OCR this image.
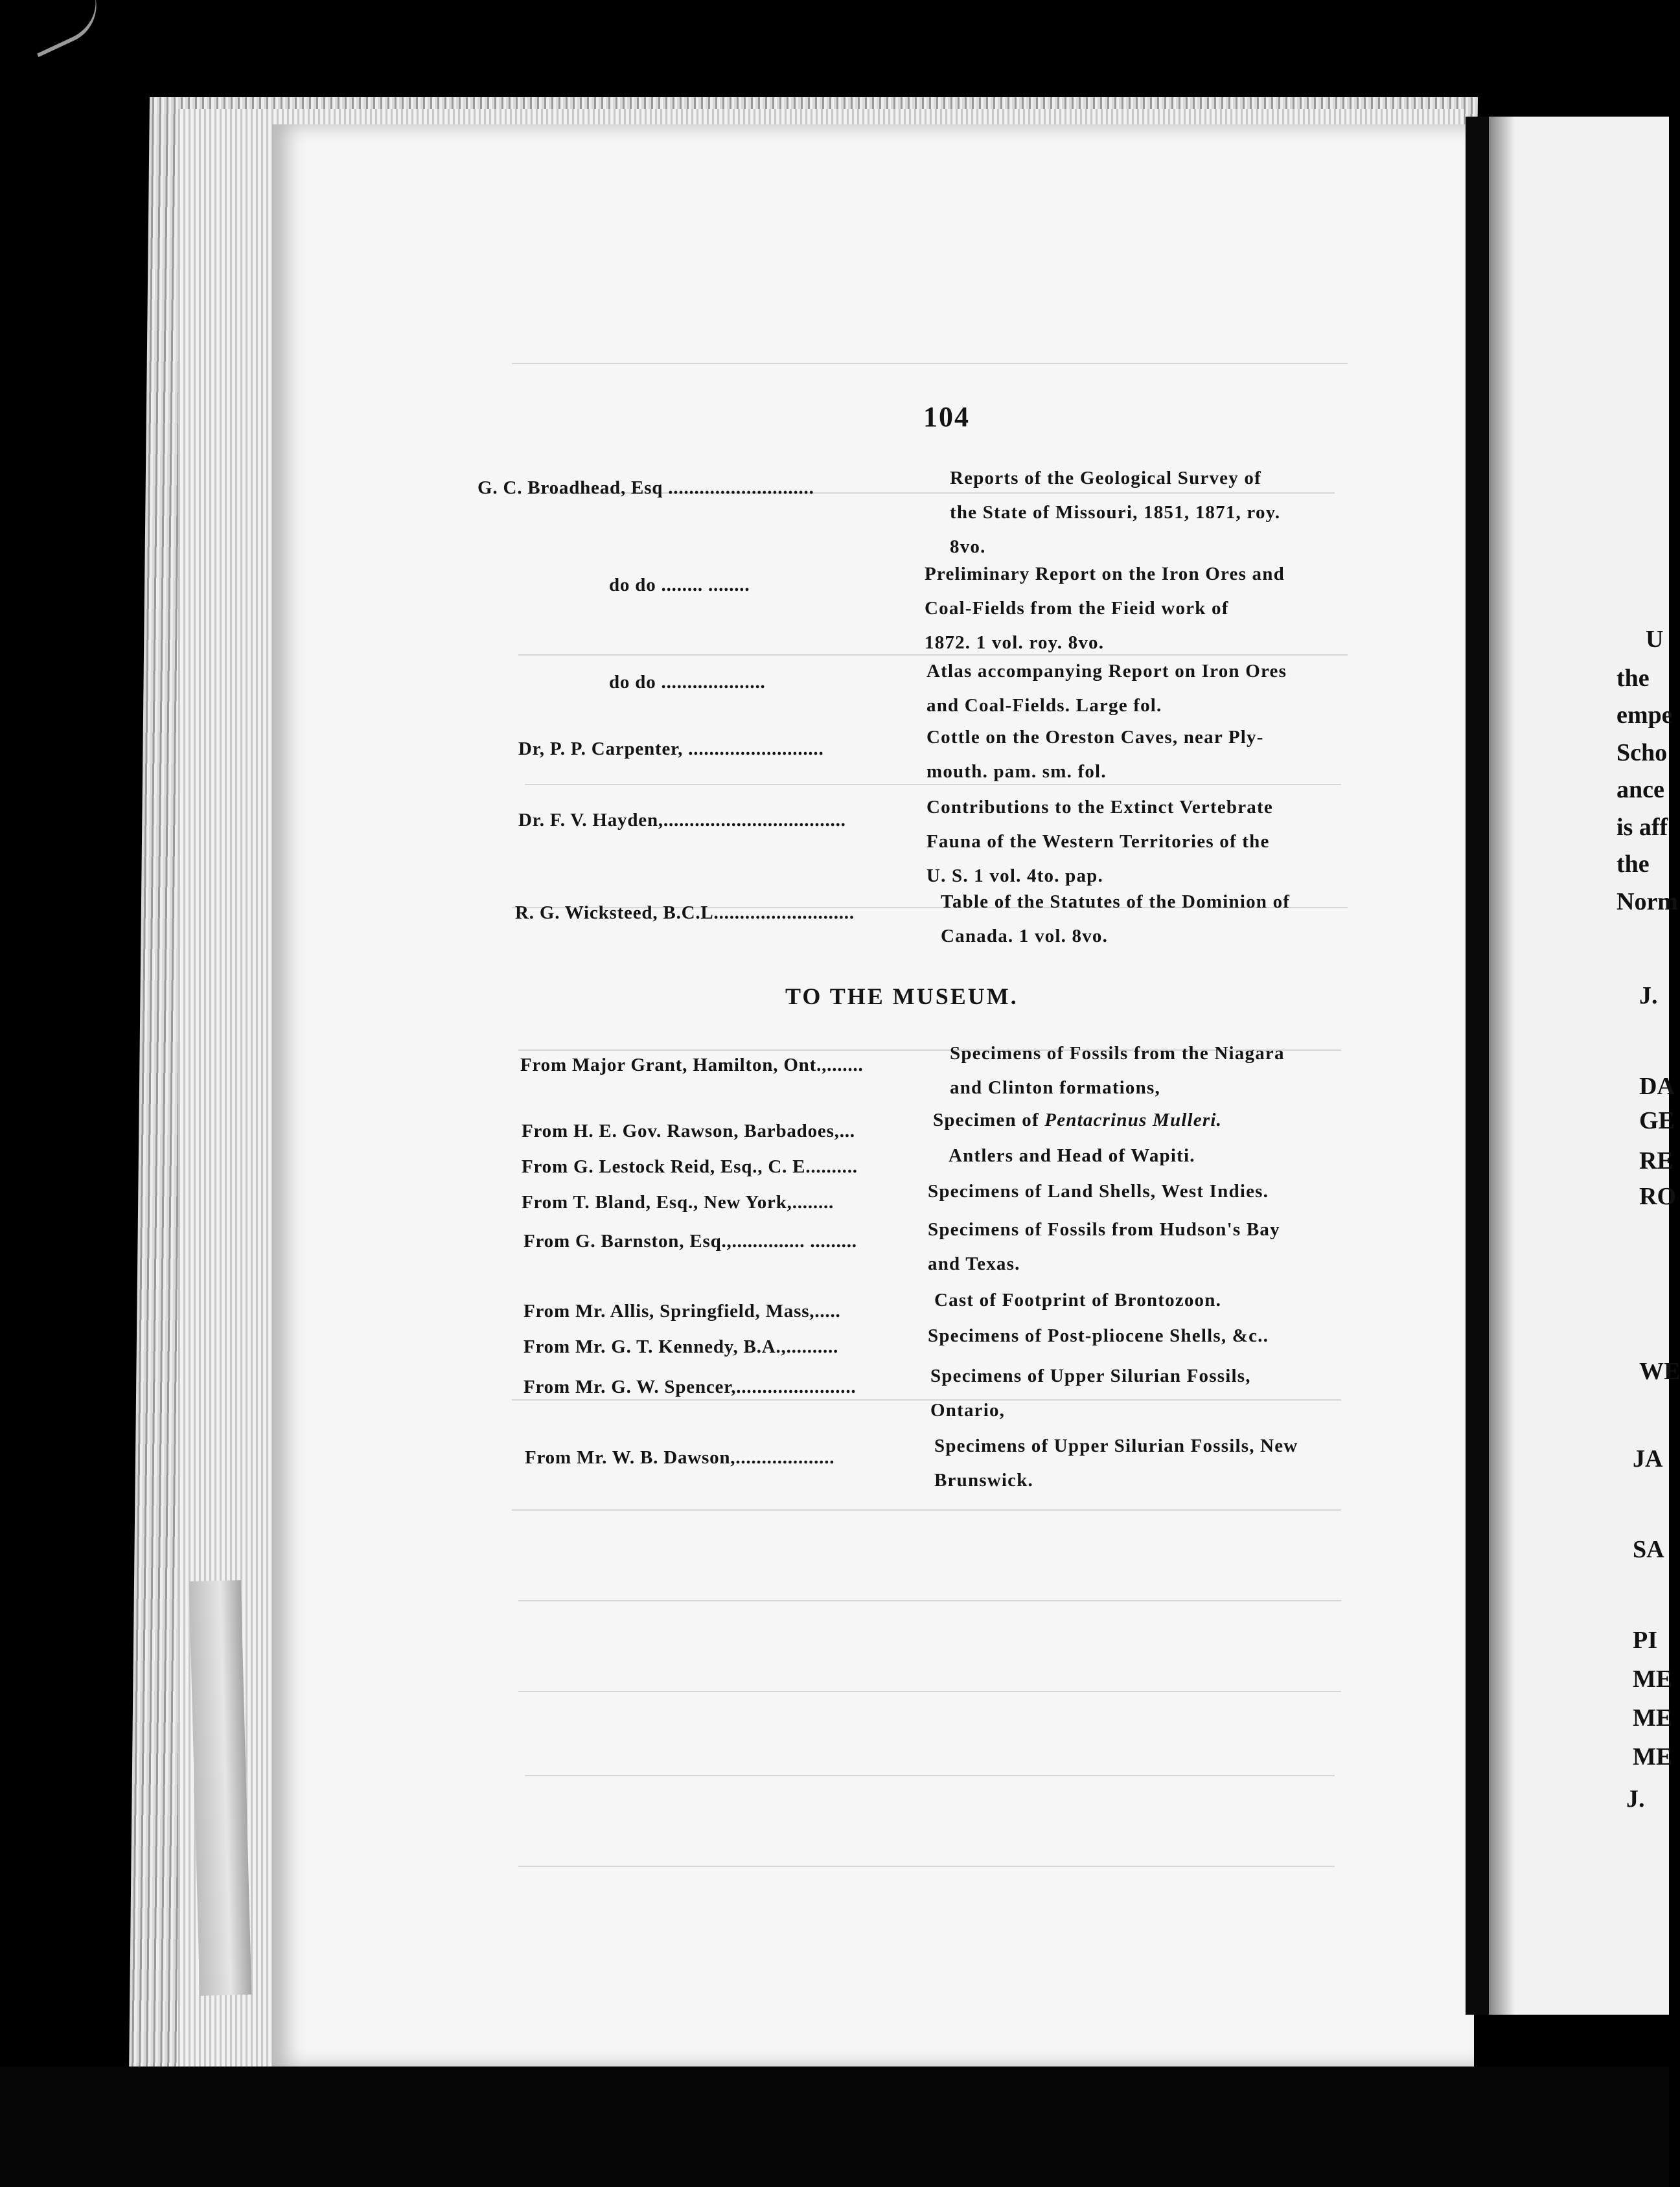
104
G. C. Broadhead, Esq ............................	Reports of the Geological Survey of
the State of Missouri, 1851, 1871, roy.
8vo.
do do ........ ........
Preliminary Report on the Iron Ores and
Coal-Fields from the Fieid work of
1872. 1 vol. roy. 8vo.
do do ....................
Atlas accompanying Report on Iron Ores
and Coal-Fields. Large fol.
Dr, P. P. Carpenter, ..........................
Cottle on the Oreston Caves, near Ply-
mouth. pam. sm. fol.
Dr. F. V. Hayden,...................................
Contributions to the Extinct Vertebrate
Fauna of the Western Territories of the
U. S. 1 vol. 4to. pap.
R. G. Wicksteed, B.C.L...........................
Table of the Statutes of the Dominion of
Canada. 1 vol. 8vo.
TO THE MUSEUM.
From Major Grant, Hamilton, Ont.,.......
Specimens of Fossils from the Niagara
and Clinton formations,
From H. E. Gov. Rawson, Barbadoes,...
Specimen of Pentacrinus Mulleri.
From G. Lestock Reid, Esq., C. E..........
Antlers and Head of Wapiti.
From T. Bland, Esq., New York,........
Specimens of Land Shells, West Indies.
From G. Barnston, Esq.,.............. .........
Specimens of Fossils from Hudson's Bay
and Texas.
From Mr. Allis, Springfield, Mass,.....
Cast of Footprint of Brontozoon.
From Mr. G. T. Kennedy, B.A.,..........
Specimens of Post-pliocene Shells, &c..
From Mr. G. W. Spencer,.......................
Specimens of Upper Silurian Fossils,
Ontario,
From Mr. W. B. Dawson,...................
Specimens of Upper Silurian Fossils, New
Brunswick.
U
the
empe
Scho
ance
is aff
the
Norm
J.
DA
GE
RE
RO
WE
JA
SA
PI
ME
ME
ME
J.
